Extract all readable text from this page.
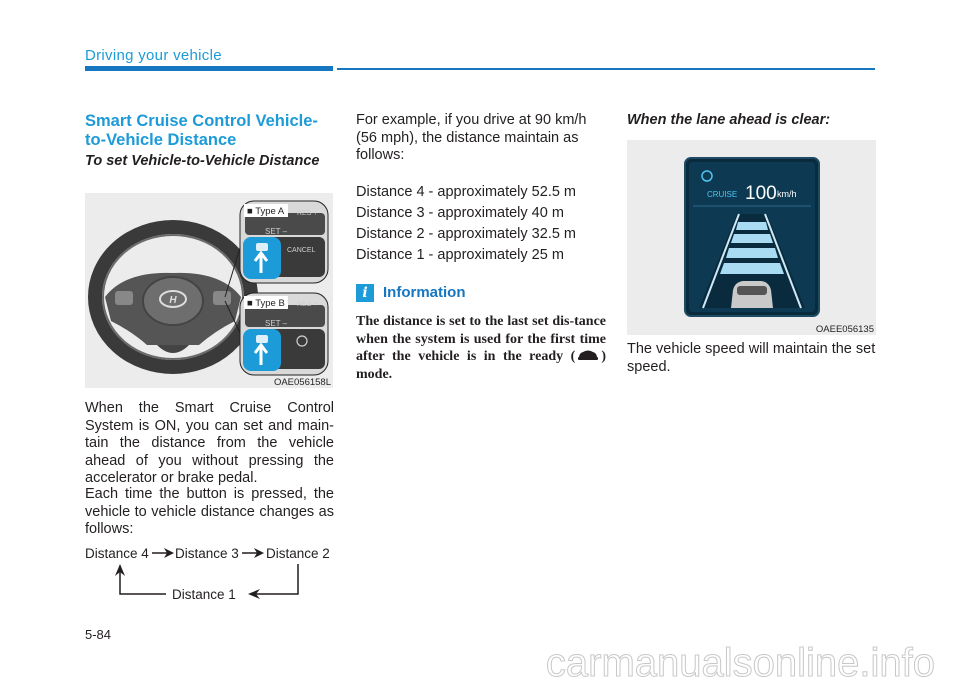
Driving your vehicle
Smart Cruise Control Vehicle-to-Vehicle Distance
To set Vehicle-to-Vehicle Distance
H
SET –
RES +
CANCEL
■ Type A
SET –
RES +
■ Type B
OAE056158L
When the Smart Cruise Control System is ON, you can set and main-tain the distance from the vehicle ahead of you without pressing the accelerator or brake pedal.
Each time the button is pressed, the vehicle to vehicle distance changes as follows:
Distance 4 Distance 3 Distance 2
Distance 1
For example, if you drive at 90 km/h (56 mph), the distance maintain as follows:
Distance 4 - approximately 52.5 m
Distance 3 - approximately 40 m
Distance 2 - approximately 32.5 m
Distance 1 - approximately 25 m
i	Information
The distance is set to the last set dis-tance when the system is used for the first time after the vehicle is in the ready ( ) mode.
When the lane ahead is clear:
CRUISE 100 km/h
OAEE056135
The vehicle speed will maintain the set speed.
5-84
carmanualsonline.info
